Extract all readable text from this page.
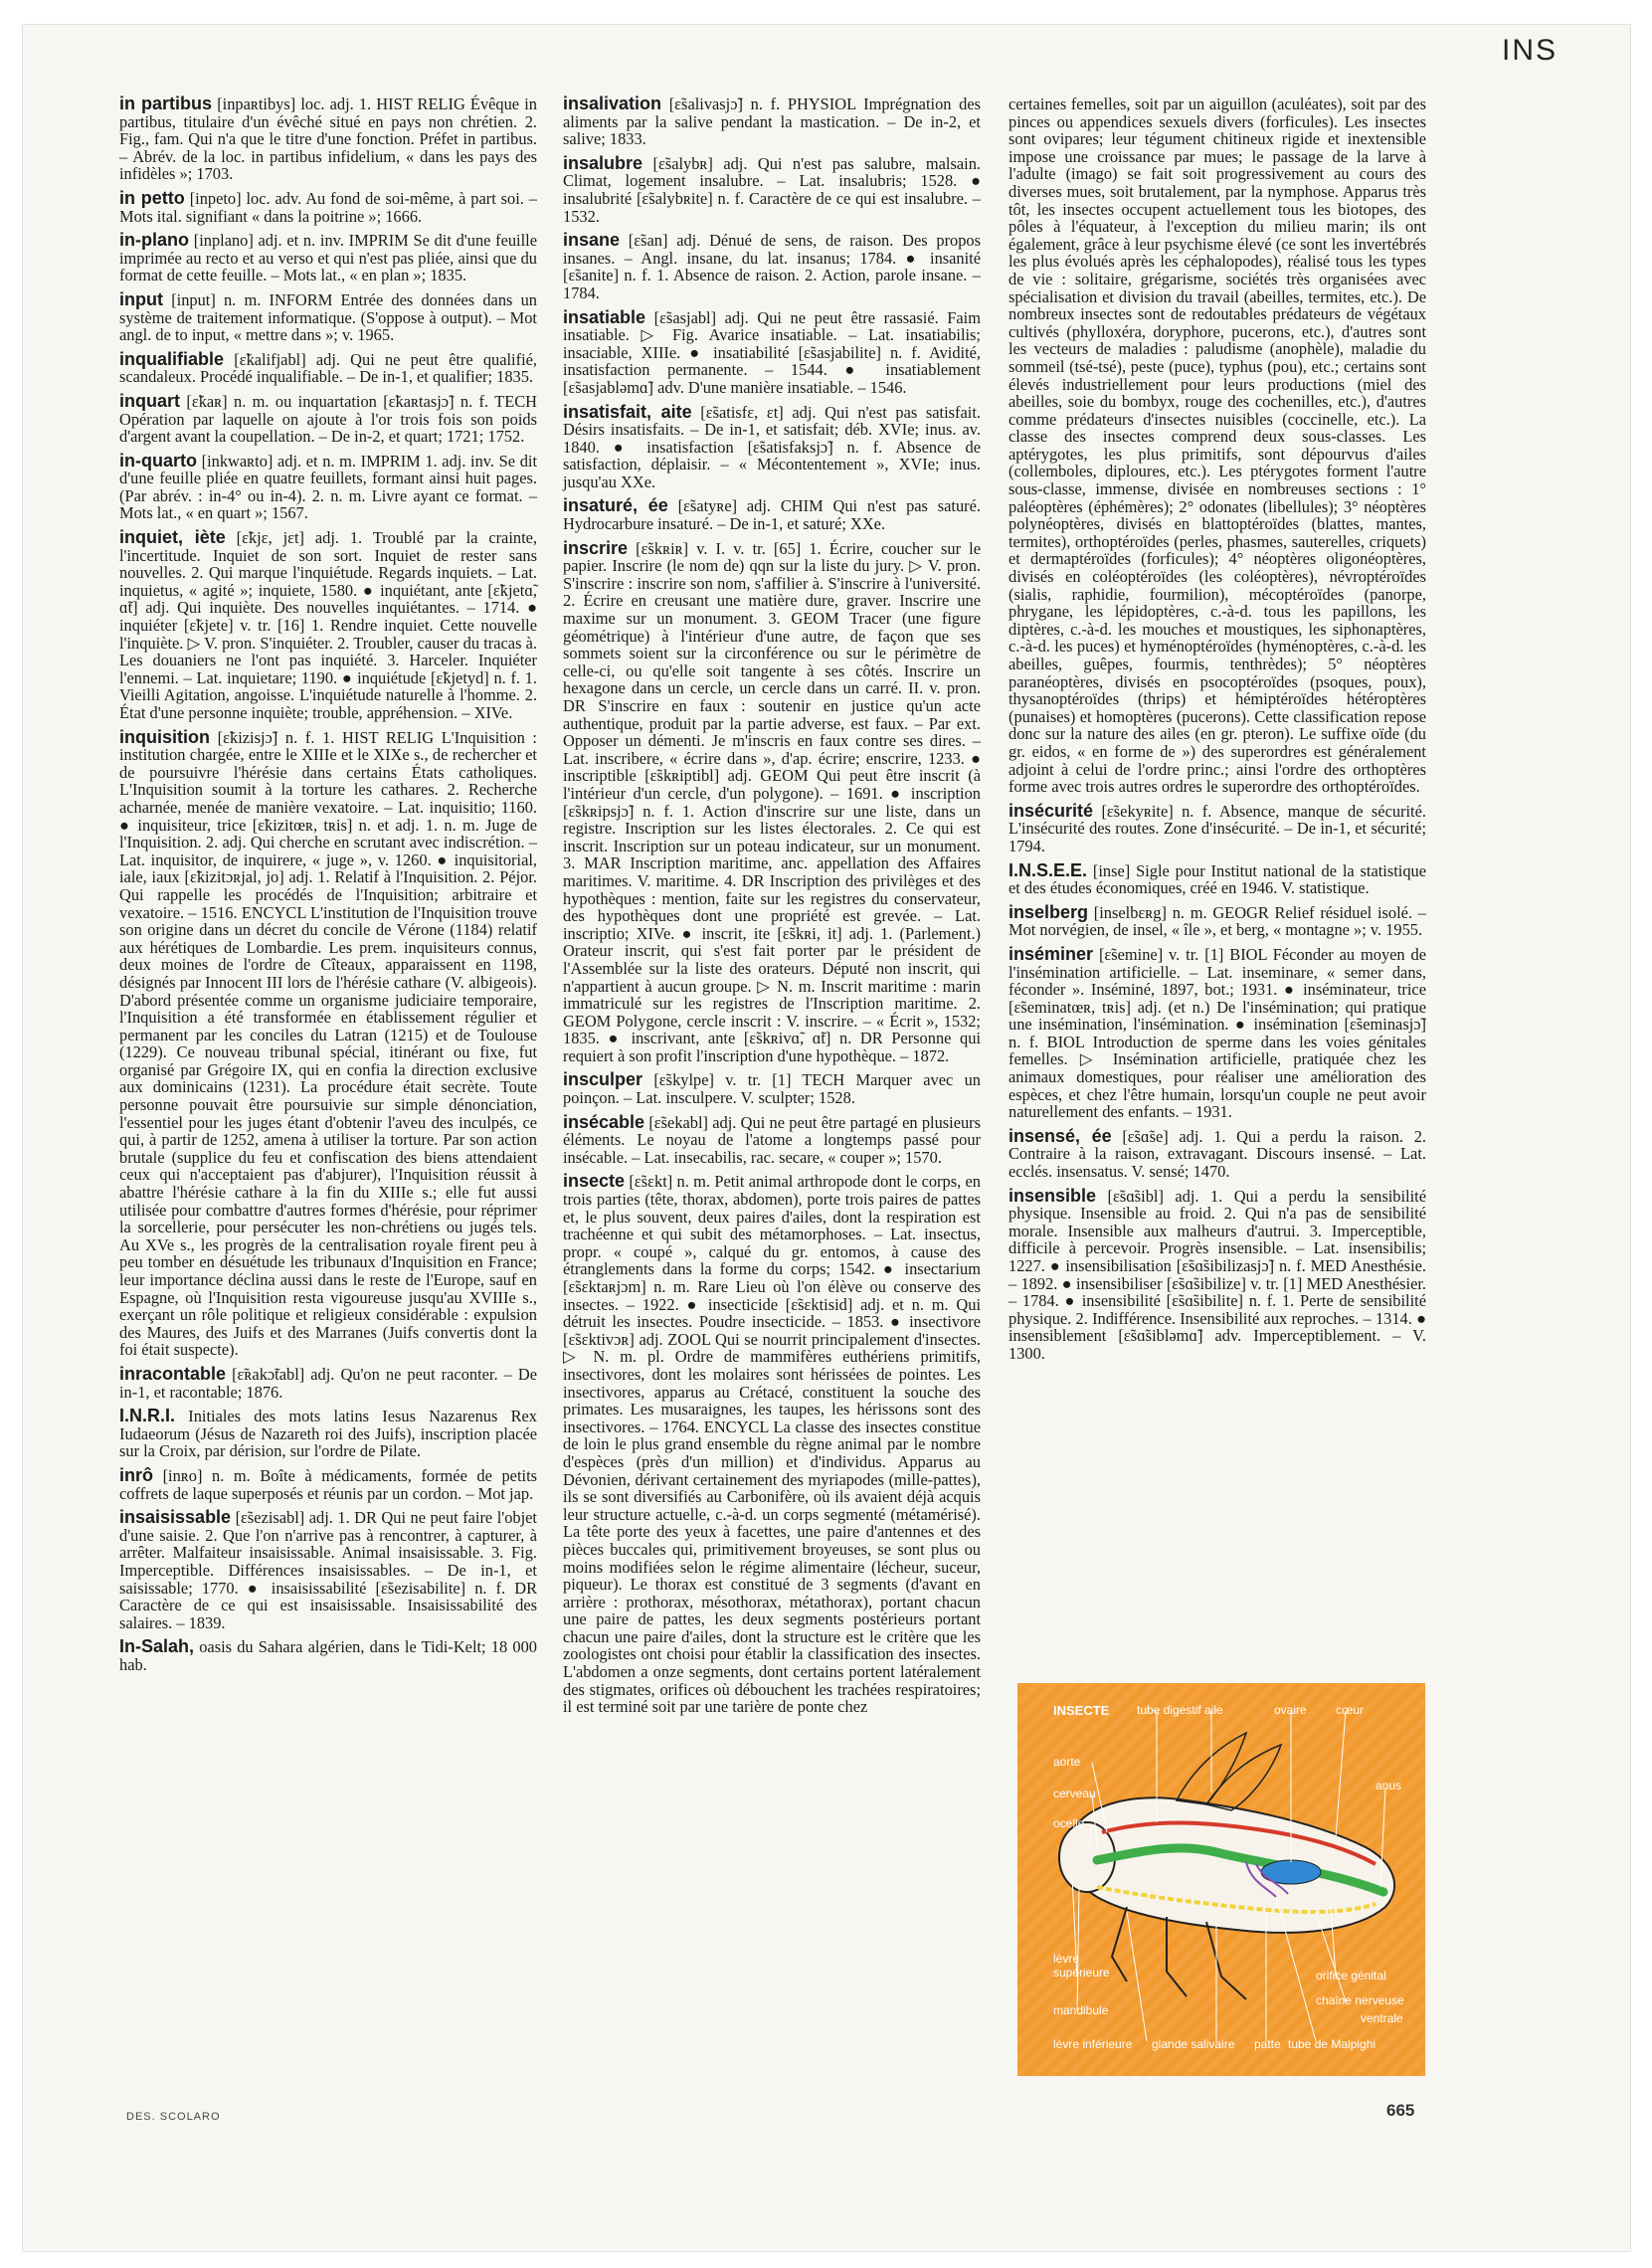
INS

in partibus [inpaʀtibys] loc. adj. 1. HIST RELIG Évêque in partibus, titulaire d'un évêché situé en pays non chrétien. 2. Fig., fam. Qui n'a que le titre d'une fonction. Préfet in partibus. – Abrév. de la loc. in partibus infidelium, « dans les pays des infidèles »; 1703.

in petto [inpeto] loc. adv. Au fond de soi-même, à part soi. – Mots ital. signifiant « dans la poitrine »; 1666.

in-plano [inplano] adj. et n. inv. IMPRIM Se dit d'une feuille imprimée au recto et au verso et qui n'est pas pliée, ainsi que du format de cette feuille. – Mots lat., « en plan »; 1835.

input [input] n. m. INFORM Entrée des données dans un système de traitement informatique. (S'oppose à output). – Mot angl. de to input, « mettre dans »; v. 1965.

inqualifiable [ɛ̃kalifjabl] adj. Qui ne peut être qualifié, scandaleux. Procédé inqualifiable. – De in-1, et qualifier; 1835.

inquart [ɛ̃kaʀ] n. m. ou inquartation [ɛ̃kaʀtasjɔ̃] n. f. TECH Opération par laquelle on ajoute à l'or trois fois son poids d'argent avant la coupellation. – De in-2, et quart; 1721; 1752.

in-quarto [inkwaʀto] adj. et n. m. IMPRIM 1. adj. inv. Se dit d'une feuille pliée en quatre feuillets, formant ainsi huit pages. (Par abrév. : in-4° ou in-4). 2. n. m. Livre ayant ce format. – Mots lat., « en quart »; 1567.

inquiet, iète [ɛ̃kjɛ, jɛt] adj. 1. Troublé par la crainte, l'incertitude. Inquiet de son sort. Inquiet de rester sans nouvelles. 2. Qui marque l'inquiétude. Regards inquiets. – Lat. inquietus, « agité »; inquiete, 1580. ● inquiétant, ante [ɛ̃kjetɑ̃, ɑ̃t] adj. Qui inquiète. Des nouvelles inquiétantes. – 1714. ● inquiéter [ɛ̃kjete] v. tr. [16] 1. Rendre inquiet. Cette nouvelle l'inquiète. ▷ V. pron. S'inquiéter. 2. Troubler, causer du tracas à. Les douaniers ne l'ont pas inquiété. 3. Harceler. Inquiéter l'ennemi. – Lat. inquietare; 1190. ● inquiétude [ɛ̃kjetyd] n. f. 1. Vieilli Agitation, angoisse. L'inquiétude naturelle à l'homme. 2. État d'une personne inquiète; trouble, appréhension. – XIVe.

inquisition [ɛ̃kizisjɔ̃] n. f. 1. HIST RELIG L'Inquisition : institution chargée, entre le XIIIe et le XIXe s., de rechercher et de poursuivre l'hérésie dans certains États catholiques. L'Inquisition soumit à la torture les cathares. 2. Recherche acharnée, menée de manière vexatoire. – Lat. inquisitio; 1160. ● inquisiteur, trice [ɛ̃kizitœʀ, tʀis] n. et adj. 1. n. m. Juge de l'Inquisition. 2. adj. Qui cherche en scrutant avec indiscrétion. – Lat. inquisitor, de inquirere, « juge », v. 1260. ● inquisitorial, iale, iaux [ɛ̃kizitɔʀjal, jo] adj. 1. Relatif à l'Inquisition. 2. Péjor. Qui rappelle les procédés de l'Inquisition; arbitraire et vexatoire. – 1516. ENCYCL L'institution de l'Inquisition trouve son origine dans un décret du concile de Vérone (1184) relatif aux hérétiques de Lombardie. Les prem. inquisiteurs connus, deux moines de l'ordre de Cîteaux, apparaissent en 1198, désignés par Innocent III lors de l'hérésie cathare (V. albigeois). D'abord présentée comme un organisme judiciaire temporaire, l'Inquisition a été transformée en établissement régulier et permanent par les conciles du Latran (1215) et de Toulouse (1229). Ce nouveau tribunal spécial, itinérant ou fixe, fut organisé par Grégoire IX, qui en confia la direction exclusive aux dominicains (1231). La procédure était secrète. Toute personne pouvait être poursuivie sur simple dénonciation, l'essentiel pour les juges étant d'obtenir l'aveu des inculpés, ce qui, à partir de 1252, amena à utiliser la torture. Par son action brutale (supplice du feu et confiscation des biens attendaient ceux qui n'acceptaient pas d'abjurer), l'Inquisition réussit à abattre l'hérésie cathare à la fin du XIIIe s.; elle fut aussi utilisée pour combattre d'autres formes d'hérésie, pour réprimer la sorcellerie, pour persécuter les non-chrétiens ou jugés tels. Au XVe s., les progrès de la centralisation royale firent peu à peu tomber en désuétude les tribunaux d'Inquisition en France; leur importance déclina aussi dans le reste de l'Europe, sauf en Espagne, où l'Inquisition resta vigoureuse jusqu'au XVIIIe s., exerçant un rôle politique et religieux considérable : expulsion des Maures, des Juifs et des Marranes (Juifs convertis dont la foi était suspecte).

inracontable [ɛ̃ʀakɔ̃tabl] adj. Qu'on ne peut raconter. – De in-1, et racontable; 1876.

I.N.R.I. Initiales des mots latins Iesus Nazarenus Rex Iudaeorum (Jésus de Nazareth roi des Juifs), inscription placée sur la Croix, par dérision, sur l'ordre de Pilate.

inrô [inʀo] n. m. Boîte à médicaments, formée de petits coffrets de laque superposés et réunis par un cordon. – Mot jap.

insaisissable [ɛ̃sezisabl] adj. 1. DR Qui ne peut faire l'objet d'une saisie. 2. Que l'on n'arrive pas à rencontrer, à capturer, à arrêter. Malfaiteur insaisissable. Animal insaisissable. 3. Fig. Imperceptible. Différences insaisissables. – De in-1, et saisissable; 1770. ● insaisissabilité [ɛ̃sezisabilite] n. f. DR Caractère de ce qui est insaisissable. Insaisissabilité des salaires. – 1839.

In-Salah, oasis du Sahara algérien, dans le Tidi-Kelt; 18 000 hab.

insalivation [ɛ̃salivasjɔ̃] n. f. PHYSIOL Imprégnation des aliments par la salive pendant la mastication. – De in-2, et salive; 1833.

insalubre [ɛ̃salybʀ] adj. Qui n'est pas salubre, malsain. Climat, logement insalubre. – Lat. insalubris; 1528. ● insalubrité [ɛ̃salybʀite] n. f. Caractère de ce qui est insalubre. – 1532.

insane [ɛ̃san] adj. Dénué de sens, de raison. Des propos insanes. – Angl. insane, du lat. insanus; 1784. ● insanité [ɛ̃sanite] n. f. 1. Absence de raison. 2. Action, parole insane. – 1784.

insatiable [ɛ̃sasjabl] adj. Qui ne peut être rassasié. Faim insatiable. ▷ Fig. Avarice insatiable. – Lat. insatiabilis; insaciable, XIIIe. ● insatiabilité [ɛ̃sasjabilite] n. f. Avidité, insatisfaction permanente. – 1544. ● insatiablement [ɛ̃sasjabləmɑ̃] adv. D'une manière insatiable. – 1546.

insatisfait, aite [ɛ̃satisfɛ, ɛt] adj. Qui n'est pas satisfait. Désirs insatisfaits. – De in-1, et satisfait; déb. XVIe; inus. av. 1840. ● insatisfaction [ɛ̃satisfaksjɔ̃] n. f. Absence de satisfaction, déplaisir. – « Mécontentement », XVIe; inus. jusqu'au XXe.

insaturé, ée [ɛ̃satyʀe] adj. CHIM Qui n'est pas saturé. Hydrocarbure insaturé. – De in-1, et saturé; XXe.

inscrire [ɛ̃skʀiʀ] v. I. v. tr. [65] 1. Écrire, coucher sur le papier. Inscrire (le nom de) qqn sur la liste du jury. ▷ V. pron. S'inscrire : inscrire son nom, s'affilier à. S'inscrire à l'université. 2. Écrire en creusant une matière dure, graver. Inscrire une maxime sur un monument. 3. GEOM Tracer (une figure géométrique) à l'intérieur d'une autre, de façon que ses sommets soient sur la circonférence ou sur le périmètre de celle-ci, ou qu'elle soit tangente à ses côtés. Inscrire un hexagone dans un cercle, un cercle dans un carré. II. v. pron. DR S'inscrire en faux : soutenir en justice qu'un acte authentique, produit par la partie adverse, est faux. – Par ext. Opposer un démenti. Je m'inscris en faux contre ses dires. – Lat. inscribere, « écrire dans », d'ap. écrire; enscrire, 1233. ● inscriptible [ɛ̃skʀiptibl] adj. GEOM Qui peut être inscrit (à l'intérieur d'un cercle, d'un polygone). – 1691. ● inscription [ɛ̃skʀipsjɔ̃] n. f. 1. Action d'inscrire sur une liste, dans un registre. Inscription sur les listes électorales. 2. Ce qui est inscrit. Inscription sur un poteau indicateur, sur un monument. 3. MAR Inscription maritime, anc. appellation des Affaires maritimes. V. maritime. 4. DR Inscription des privilèges et des hypothèques : mention, faite sur les registres du conservateur, des hypothèques dont une propriété est grevée. – Lat. inscriptio; XIVe. ● inscrit, ite [ɛ̃skʀi, it] adj. 1. (Parlement.) Orateur inscrit, qui s'est fait porter par le président de l'Assemblée sur la liste des orateurs. Député non inscrit, qui n'appartient à aucun groupe. ▷ N. m. Inscrit maritime : marin immatriculé sur les registres de l'Inscription maritime. 2. GEOM Polygone, cercle inscrit : V. inscrire. – « Écrit », 1532; 1835. ● inscrivant, ante [ɛ̃skʀivɑ̃, ɑ̃t] n. DR Personne qui requiert à son profit l'inscription d'une hypothèque. – 1872.

insculper [ɛ̃skylpe] v. tr. [1] TECH Marquer avec un poinçon. – Lat. insculpere. V. sculpter; 1528.

insécable [ɛ̃sekabl] adj. Qui ne peut être partagé en plusieurs éléments. Le noyau de l'atome a longtemps passé pour insécable. – Lat. insecabilis, rac. secare, « couper »; 1570.

insecte [ɛ̃sɛkt] n. m. Petit animal arthropode dont le corps, en trois parties (tête, thorax, abdomen), porte trois paires de pattes et, le plus souvent, deux paires d'ailes, dont la respiration est trachéenne et qui subit des métamorphoses. – Lat. insectus, propr. « coupé », calqué du gr. entomos, à cause des étranglements dans la forme du corps; 1542. ● insectarium [ɛ̃sɛktaʀjɔm] n. m. Rare Lieu où l'on élève ou conserve des insectes. – 1922. ● insecticide [ɛ̃sɛktisid] adj. et n. m. Qui détruit les insectes. Poudre insecticide. – 1853. ● insectivore [ɛ̃sɛktivɔʀ] adj. ZOOL Qui se nourrit principalement d'insectes. ▷ N. m. pl. Ordre de mammifères euthériens primitifs, insectivores, dont les molaires sont hérissées de pointes. Les insectivores, apparus au Crétacé, constituent la souche des primates. Les musaraignes, les taupes, les hérissons sont des insectivores. – 1764. ENCYCL La classe des insectes constitue de loin le plus grand ensemble du règne animal par le nombre d'espèces (près d'un million) et d'individus. Apparus au Dévonien, dérivant certainement des myriapodes (mille-pattes), ils se sont diversifiés au Carbonifère, où ils avaient déjà acquis leur structure actuelle, c.-à-d. un corps segmenté (métamérisé). La tête porte des yeux à facettes, une paire d'antennes et des pièces buccales qui, primitivement broyeuses, se sont plus ou moins modifiées selon le régime alimentaire (lécheur, suceur, piqueur). Le thorax est constitué de 3 segments (d'avant en arrière : prothorax, mésothorax, métathorax), portant chacun une paire de pattes, les deux segments postérieurs portant chacun une paire d'ailes, dont la structure est le critère que les zoologistes ont choisi pour établir la classification des insectes. L'abdomen a onze segments, dont certains portent latéralement des stigmates, orifices où débouchent les trachées respiratoires; il est terminé soit par une tarière de ponte chez

certaines femelles, soit par un aiguillon (aculéates), soit par des pinces ou appendices sexuels divers (forficules). Les insectes sont ovipares; leur tégument chitineux rigide et inextensible impose une croissance par mues; le passage de la larve à l'adulte (imago) se fait soit progressivement au cours des diverses mues, soit brutalement, par la nymphose. Apparus très tôt, les insectes occupent actuellement tous les biotopes, des pôles à l'équateur, à l'exception du milieu marin; ils ont également, grâce à leur psychisme élevé (ce sont les invertébrés les plus évolués après les céphalopodes), réalisé tous les types de vie : solitaire, grégarisme, sociétés très organisées avec spécialisation et division du travail (abeilles, termites, etc.). De nombreux insectes sont de redoutables prédateurs de végétaux cultivés (phylloxéra, doryphore, pucerons, etc.), d'autres sont les vecteurs de maladies : paludisme (anophèle), maladie du sommeil (tsé-tsé), peste (puce), typhus (pou), etc.; certains sont élevés industriellement pour leurs productions (miel des abeilles, soie du bombyx, rouge des cochenilles, etc.), d'autres comme prédateurs d'insectes nuisibles (coccinelle, etc.). La classe des insectes comprend deux sous-classes. Les aptérygotes, les plus primitifs, sont dépourvus d'ailes (collemboles, diploures, etc.). Les ptérygotes forment l'autre sous-classe, immense, divisée en nombreuses sections : 1° paléoptères (éphémères); 2° odonates (libellules); 3° néoptères polynéoptères, divisés en blattoptéroïdes (blattes, mantes, termites), orthoptéroïdes (perles, phasmes, sauterelles, criquets) et dermaptéroïdes (forficules); 4° néoptères oligonéoptères, divisés en coléoptéroïdes (les coléoptères), névroptéroïdes (sialis, raphidie, fourmilion), mécoptéroïdes (panorpe, phrygane, les lépidoptères, c.-à-d. tous les papillons, les diptères, c.-à-d. les mouches et moustiques, les siphonaptères, c.-à-d. les puces) et hyménoptéroïdes (hyménoptères, c.-à-d. les abeilles, guêpes, fourmis, tenthrèdes); 5° néoptères paranéoptères, divisés en psocoptéroïdes (psoques, poux), thysanoptéroïdes (thrips) et hémiptéroïdes hétéroptères (punaises) et homoptères (pucerons). Cette classification repose donc sur la nature des ailes (en gr. pteron). Le suffixe oïde (du gr. eidos, « en forme de ») des superordres est généralement adjoint à celui de l'ordre princ.; ainsi l'ordre des orthoptères forme avec trois autres ordres le superordre des orthoptéroïdes.

insécurité [ɛ̃sekyʀite] n. f. Absence, manque de sécurité. L'insécurité des routes. Zone d'insécurité. – De in-1, et sécurité; 1794.

I.N.S.E.E. [inse] Sigle pour Institut national de la statistique et des études économiques, créé en 1946. V. statistique.

inselberg [inselbɛʀg] n. m. GEOGR Relief résiduel isolé. – Mot norvégien, de insel, « île », et berg, « montagne »; v. 1955.

inséminer [ɛ̃semine] v. tr. [1] BIOL Féconder au moyen de l'insémination artificielle. – Lat. inseminare, « semer dans, féconder ». Inséminé, 1897, bot.; 1931. ● inséminateur, trice [ɛ̃seminatœʀ, tʀis] adj. (et n.) De l'insémination; qui pratique une insémination, l'insémination. ● insémination [ɛ̃seminasjɔ̃] n. f. BIOL Introduction de sperme dans les voies génitales femelles. ▷ Insémination artificielle, pratiquée chez les animaux domestiques, pour réaliser une amélioration des espèces, et chez l'être humain, lorsqu'un couple ne peut avoir naturellement des enfants. – 1931.

insensé, ée [ɛ̃sɑ̃se] adj. 1. Qui a perdu la raison. 2. Contraire à la raison, extravagant. Discours insensé. – Lat. ecclés. insensatus. V. sensé; 1470.

insensible [ɛ̃sɑ̃sibl] adj. 1. Qui a perdu la sensibilité physique. Insensible au froid. 2. Qui n'a pas de sensibilité morale. Insensible aux malheurs d'autrui. 3. Imperceptible, difficile à percevoir. Progrès insensible. – Lat. insensibilis; 1227. ● insensibilisation [ɛ̃sɑ̃sibilizasjɔ̃] n. f. MED Anesthésie. – 1892. ● insensibiliser [ɛ̃sɑ̃sibilize] v. tr. [1] MED Anesthésier. – 1784. ● insensibilité [ɛ̃sɑ̃sibilite] n. f. 1. Perte de sensibilité physique. 2. Indifférence. Insensibilité aux reproches. – 1314. ● insensiblement [ɛ̃sɑ̃sibləmɑ̃] adv. Imperceptiblement. – V. 1300.

INSECTE tube digestif aile	ovaire cœur
aorte
cerveau
ocelle
anus
lèvre supérieure	orifice génital
chaîne nerveuse
mandibule
ventrale
lèvre inférieure glande salivaire patte tube de Malpighi
DES. SCOLARO	665
